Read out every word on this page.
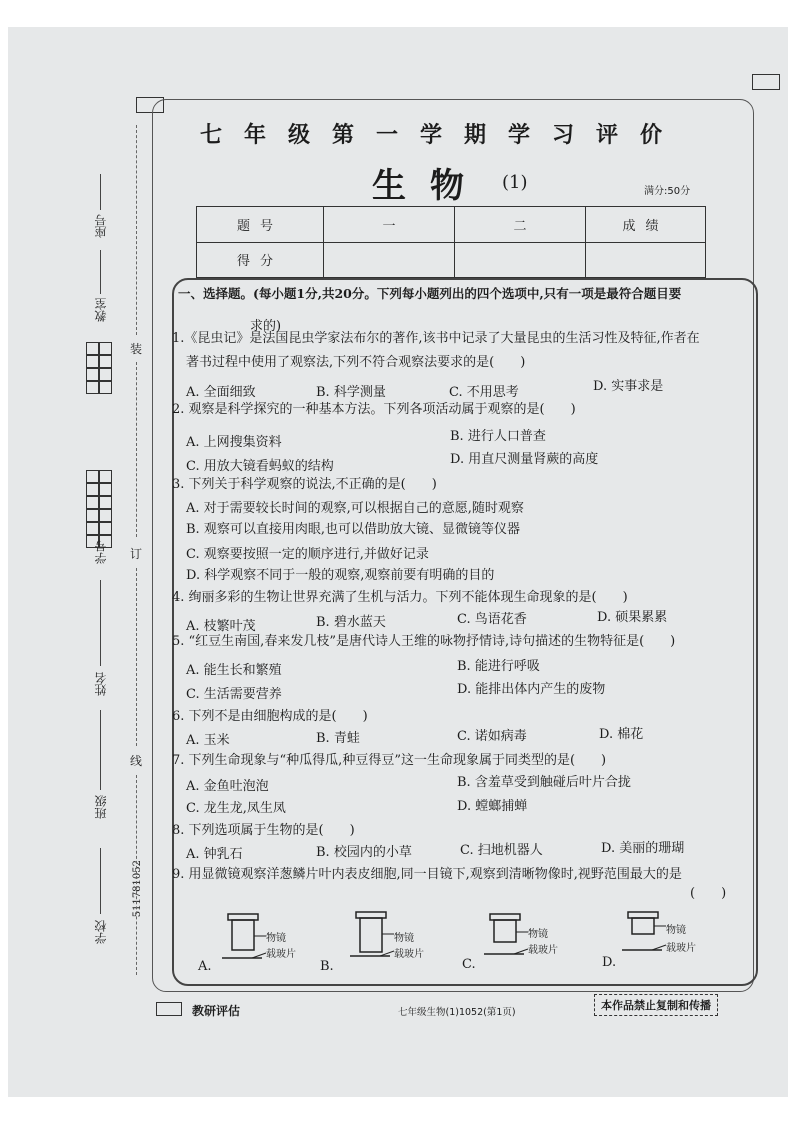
座号
教室
装
学号 订
姓名
线
班级
学校
511781052
七年级第一学期学习评价
生物 (1)	满分:50分
题号	一	二	成绩
得分			
一、选择题。(每小题1分,共20分。下列每小题列出的四个选项中,只有一项是最符合题目要
求的)
1.《昆虫记》是法国昆虫学家法布尔的著作,该书中记录了大量昆虫的生活习性及特征,作者在
著书过程中使用了观察法,下列不符合观察法要求的是(　　)
A. 全面细致	B. 科学测量	C. 不用思考	D. 实事求是
2. 观察是科学探究的一种基本方法。下列各项活动属于观察的是(　　)
A. 上网搜集资料	B. 进行人口普查
C. 用放大镜看蚂蚁的结构	D. 用直尺测量肾蕨的高度
3. 下列关于科学观察的说法,不正确的是(　　)
A. 对于需要较长时间的观察,可以根据自己的意愿,随时观察
B. 观察可以直接用肉眼,也可以借助放大镜、显微镜等仪器
C. 观察要按照一定的顺序进行,并做好记录
D. 科学观察不同于一般的观察,观察前要有明确的目的
4. 绚丽多彩的生物让世界充满了生机与活力。下列不能体现生命现象的是(　　)
A. 枝繁叶茂	B. 碧水蓝天	C. 鸟语花香	D. 硕果累累
5. “红豆生南国,春来发几枝”是唐代诗人王维的咏物抒情诗,诗句描述的生物特征是(　　)
A. 能生长和繁殖	B. 能进行呼吸
C. 生活需要营养	D. 能排出体内产生的废物
6. 下列不是由细胞构成的是(　　)
A. 玉米	B. 青蛙	C. 诺如病毒	D. 棉花
7. 下列生命现象与“种瓜得瓜,种豆得豆”这一生命现象属于同类型的是(　　)
A. 金鱼吐泡泡	B. 含羞草受到触碰后叶片合拢
C. 龙生龙,凤生凤	D. 螳螂捕蝉
8. 下列选项属于生物的是(　　)
A. 钟乳石	B. 校园内的小草	C. 扫地机器人	D. 美丽的珊瑚
9. 用显微镜观察洋葱鳞片叶内表皮细胞,同一目镜下,观察到清晰物像时,视野范围最大的是
(　　)
A.
物镜
载玻片
B.
物镜
载玻片
C.
物镜
载玻片
D.
物镜
载玻片
教研评估	七年级生物(1)1052(第1页)
本作品禁止复制和传播
